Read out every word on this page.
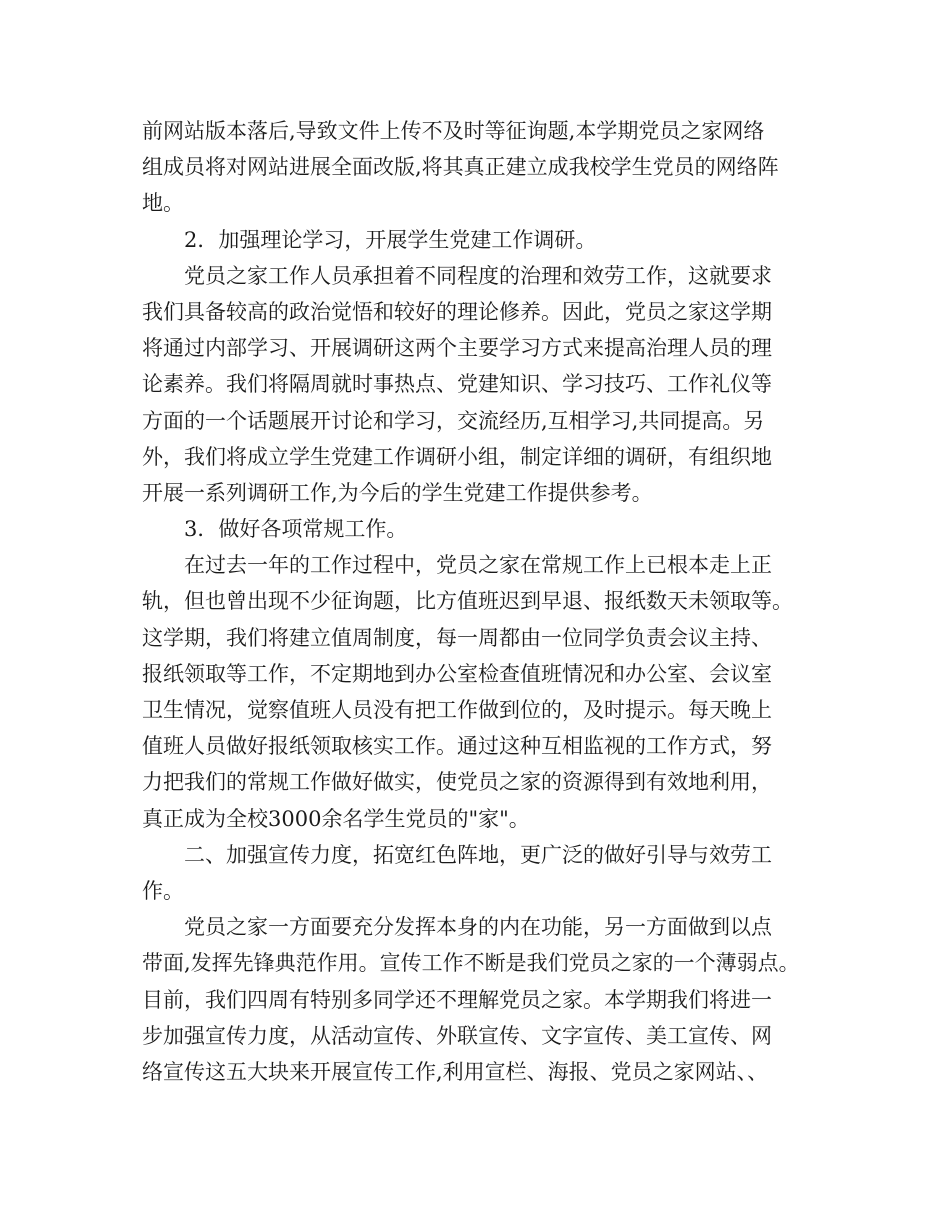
前网站版本落后,导致文件上传不及时等征询题,本学期党员之家网络
组成员将对网站进展全面改版,将其真正建立成我校学生党员的网络阵
地。
2．加强理论学习，开展学生党建工作调研。
党员之家工作人员承担着不同程度的治理和效劳工作，这就要求
我们具备较高的政治觉悟和较好的理论修养。因此，党员之家这学期
将通过内部学习、开展调研这两个主要学习方式来提高治理人员的理
论素养。我们将隔周就时事热点、党建知识、学习技巧、工作礼仪等
方面的一个话题展开讨论和学习，交流经历,互相学习,共同提高。另
外，我们将成立学生党建工作调研小组，制定详细的调研，有组织地
开展一系列调研工作,为今后的学生党建工作提供参考。
3．做好各项常规工作。
在过去一年的工作过程中，党员之家在常规工作上已根本走上正
轨，但也曾出现不少征询题，比方值班迟到早退、报纸数天未领取等。
这学期，我们将建立值周制度，每一周都由一位同学负责会议主持、
报纸领取等工作，不定期地到办公室检查值班情况和办公室、会议室
卫生情况，觉察值班人员没有把工作做到位的，及时提示。每天晚上
值班人员做好报纸领取核实工作。通过这种互相监视的工作方式，努
力把我们的常规工作做好做实，使党员之家的资源得到有效地利用，
真正成为全校3000余名学生党员的"家"。
二、加强宣传力度，拓宽红色阵地，更广泛的做好引导与效劳工
作。
党员之家一方面要充分发挥本身的内在功能，另一方面做到以点
带面,发挥先锋典范作用。宣传工作不断是我们党员之家的一个薄弱点。
目前，我们四周有特别多同学还不理解党员之家。本学期我们将进一
步加强宣传力度，从活动宣传、外联宣传、文字宣传、美工宣传、网
络宣传这五大块来开展宣传工作,利用宣栏、海报、党员之家网站、、
